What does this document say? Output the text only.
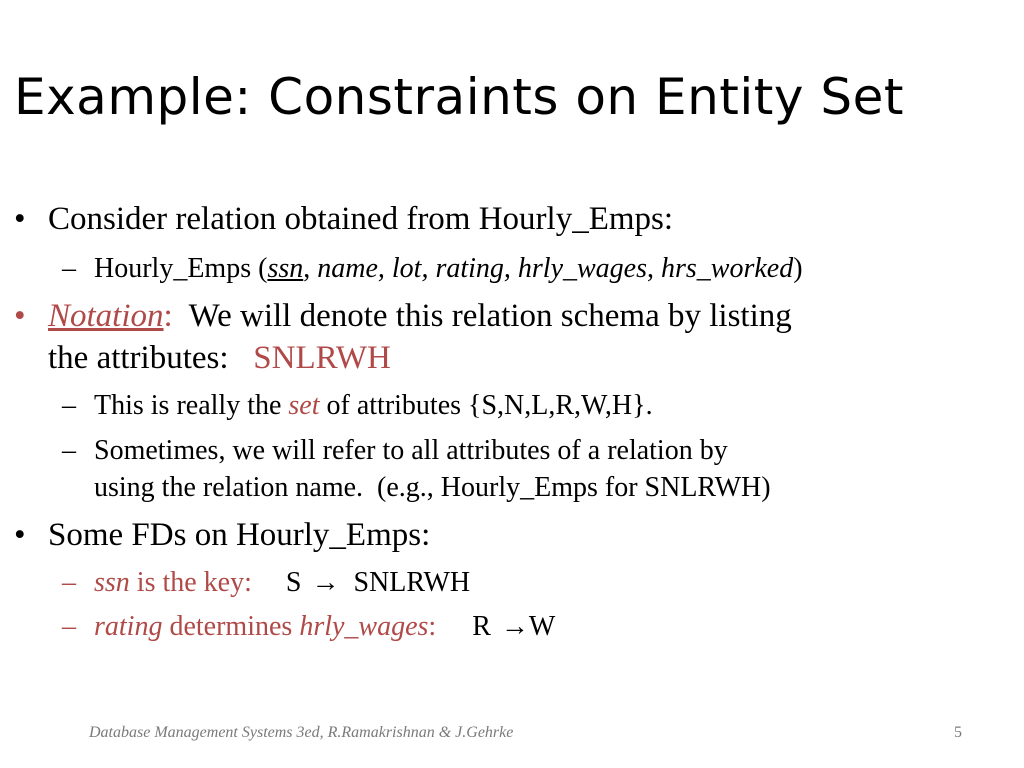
Example: Constraints on Entity Set
• Consider relation obtained from Hourly_Emps:
– Hourly_Emps (ssn, name, lot, rating, hrly_wages, hrs_worked)
• Notation:  We will denote this relation schema by listing
the attributes:   SNLRWH
– This is really the set of attributes {S,N,L,R,W,H}.
– Sometimes, we will refer to all attributes of a relation by
using the relation name.  (e.g., Hourly_Emps for SNLRWH)
• Some FDs on Hourly_Emps:
– ssn is the key: S → SNLRWH
– rating determines hrly_wages: R →W
Database Management Systems 3ed, R.Ramakrishnan & J.Gehrke	5
